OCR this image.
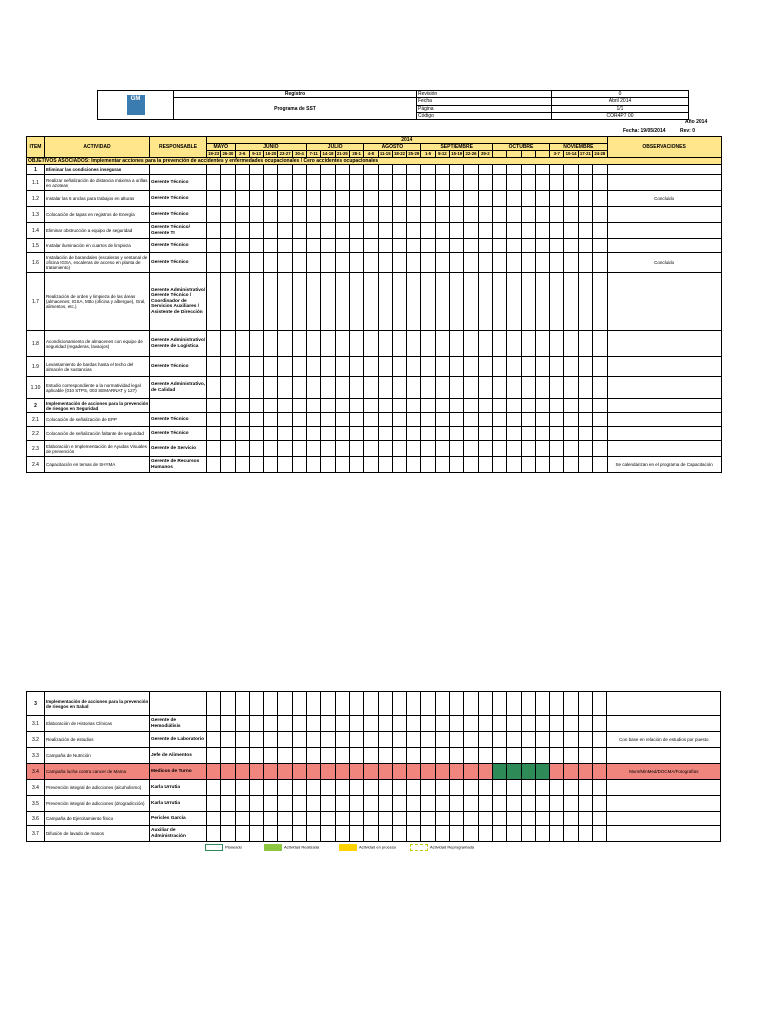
GM	Registro	Revisión	0
	Programa de SST	Fecha	Abril 2014
		Página	1/1
		Código	COR4P7 00
Año 2014
Fecha: 19/05/2014	Rev: 0
ITEM	ACTIVIDAD	RESPONSABLE	2014																												OBSERVACIONES
			MAYO		JUNIO					JULIO				AGOSTO				SEPTIEMBRE					OCTUBRE				NOVIEMBRE				
			19-23	26-30	2-6	9-13	16-20	23-27	30-4	7-11	14-18	21-25	28-1	4-8	11-15	18-22	25-29	1-5	8-12	15-19	22-26	29-2					3-7	10-14	17-21	24-28	
OBJETIVOS ASOCIADOS: Implementar acciones para la prevención de accidentes y enfermedades ocupacionales / Cero accidentes ocupacionales																															
1	Eliminar las condiciones inseguras																														
1.1	Realizar señalización de distancia máxima a orillas en azoteas	Gerente Técnico																													
1.2	Instalar las 6 anclas para trabajos en alturas	Gerente Técnico																													Concluido
1.3	Colocación de tapas en registros de Energía	Gerente Técnico																													
1.4	Eliminar obstrucción a equipo de seguridad	Gerente Técnico/ Gerente TI																													
1.5	Instalar iluminación en cuartos de limpieza	Gerente Técnico																													
1.6	Instalación de barandales (escaleras y ventanal de oficina IGSA, escaleras de acceso en planta de tratamiento)	Gerente Técnico																													Concluido
1.7	Realización de orden y limpieza de las áreas (almacenes; IGSA, Mtto (oficina y albergue), Gral, alimentos, etc.)	Gerente Administrativo/ Gerente Técnico / Coordinador de Servicios Auxiliares / Asistente de Dirección																													
1.8	Acondicionamiento de almacenes con equipo de seguridad (regaderas, lavaojos)	Gerente Administrativo/ Gerente de Logística																													
1.9	Levantamiento de bardas hasta el techo del almacén de sustancias	Gerente Técnico																													
1.10	Estudio correspondiente a la normatividad legal aplicable (010 STPS, 003 SEMARNAT y 127)	Gerente Administrativo, de Calidad																													
2	Implementación de acciones para la prevención de riesgos en Seguridad																														
2.1	Colocación de señalización de EPP	Gerente Técnico																													
2.2	Colocación de señalización faltante de seguridad	Gerente Técnico																													
2.3	Elaboración e Implementación de Ayudas Visuales de prevención	Gerente de Servicio																													
2.4	Capacitación en temas de SHYMA	Gerente de Recursos Humanos																													Se calendarizan en el programa de Capacitación
3	Implementación de acciones para la prevención de riesgos en Salud																														
3.1	Elaboración de Historias Clínicas	Gerente de Hemodiálisis																													
3.2	Realización de estudios	Gerente de Laboratorio																													Con base en relación de estudios por puesto
3.3	Campaña de Nutrición	Jefe de Alimentos																													
3.4	Campaña lucha contra cancer de Mama	Medicos de Turno																													Mum/MinMed/DOCMA/Fotografías
3.4	Prevención integral de adicciones (alcoholismo)	Karla Urrutia																													
3.5	Prevención integral de adicciones (drogradicción)	Karla Urrutia																													
3.6	Campaña de Ejercitamiento físico	Pericles García																													
3.7	Difusión de lavado de manos	Auxiliar de Administración																													
Planeado	Actividad Realizada	Actividad en proceso	Actividad Reprogramada
